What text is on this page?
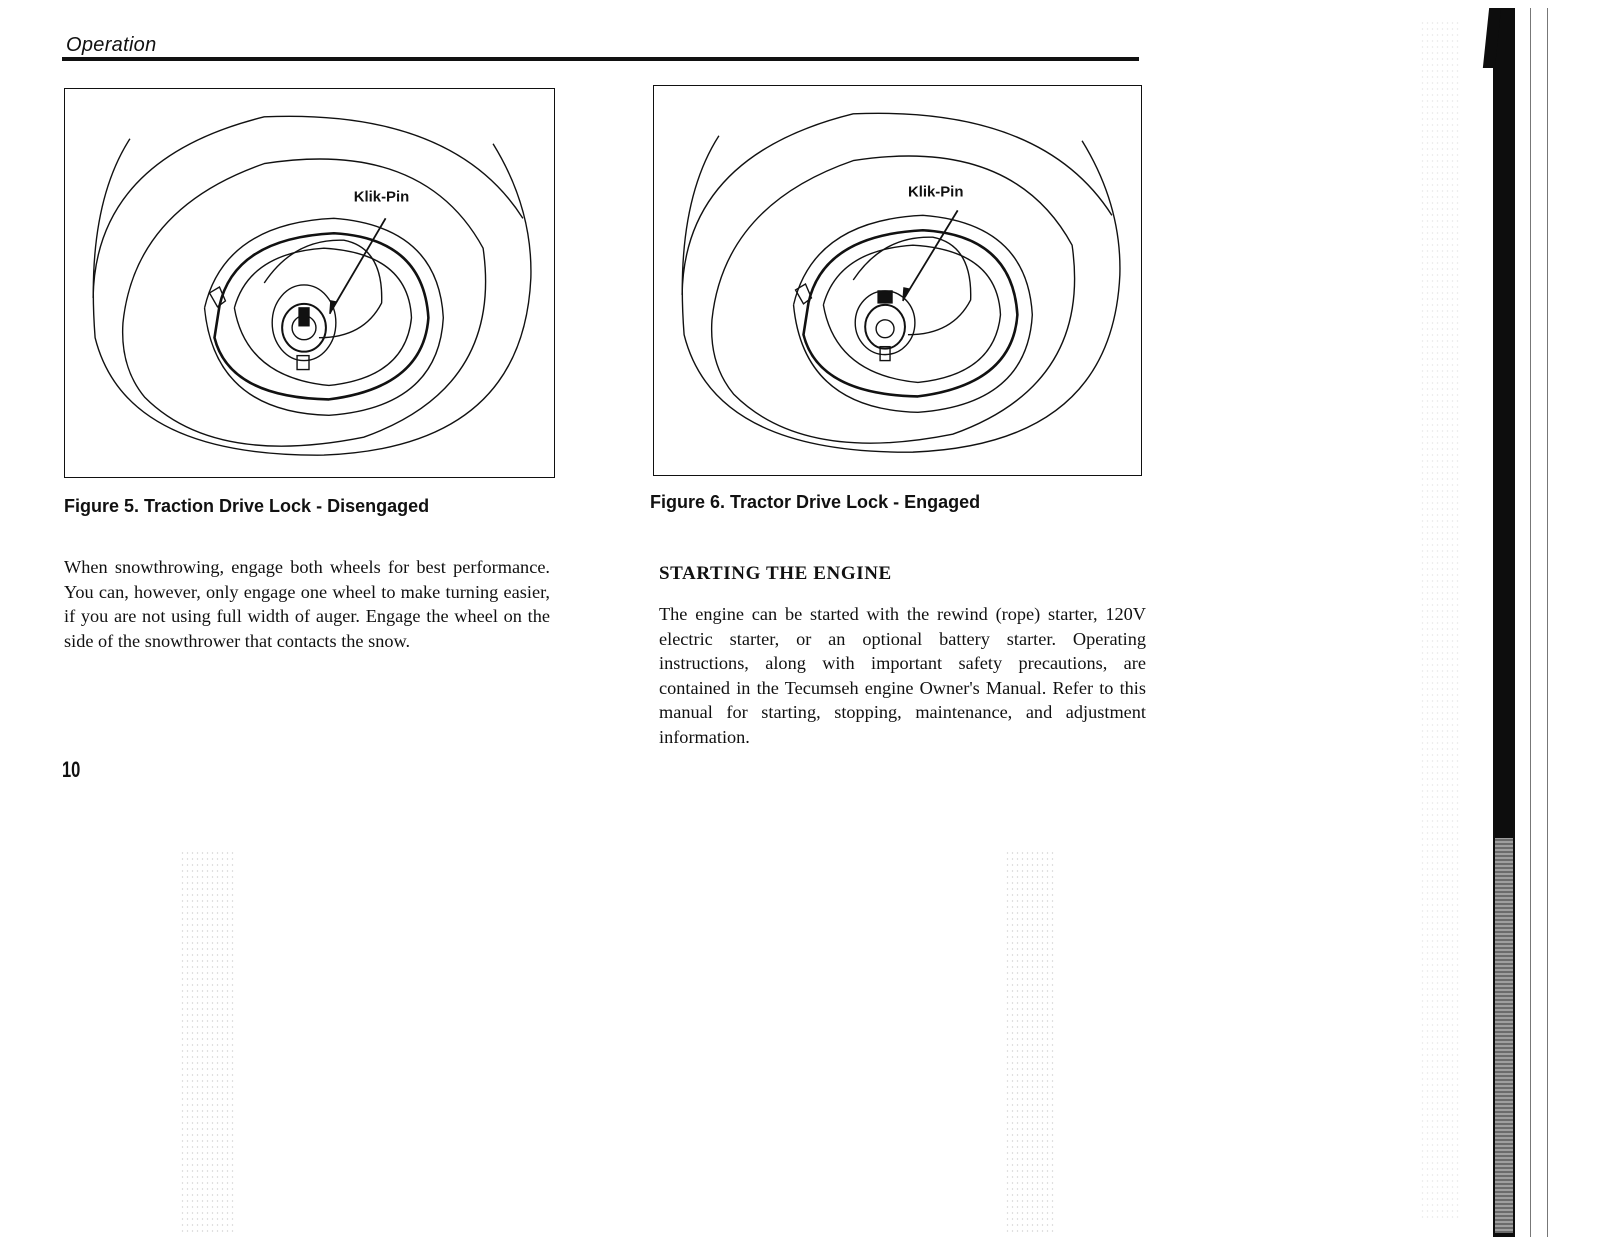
Operation
Klik-Pin
Figure 5. Traction Drive Lock - Disengaged
Klik-Pin
Figure 6. Tractor Drive Lock - Engaged
When snowthrowing, engage both wheels for best performance. You can, however, only engage one wheel to make turning easier, if you are not using full width of auger. Engage the wheel on the side of the snowthrower that contacts the snow.
STARTING THE ENGINE
The engine can be started with the rewind (rope) starter, 120V electric starter, or an optional battery starter. Operating instructions, along with important safety precautions, are contained in the Tecumseh engine Owner's Manual. Refer to this manual for starting, stopping, maintenance, and adjustment information.
10
